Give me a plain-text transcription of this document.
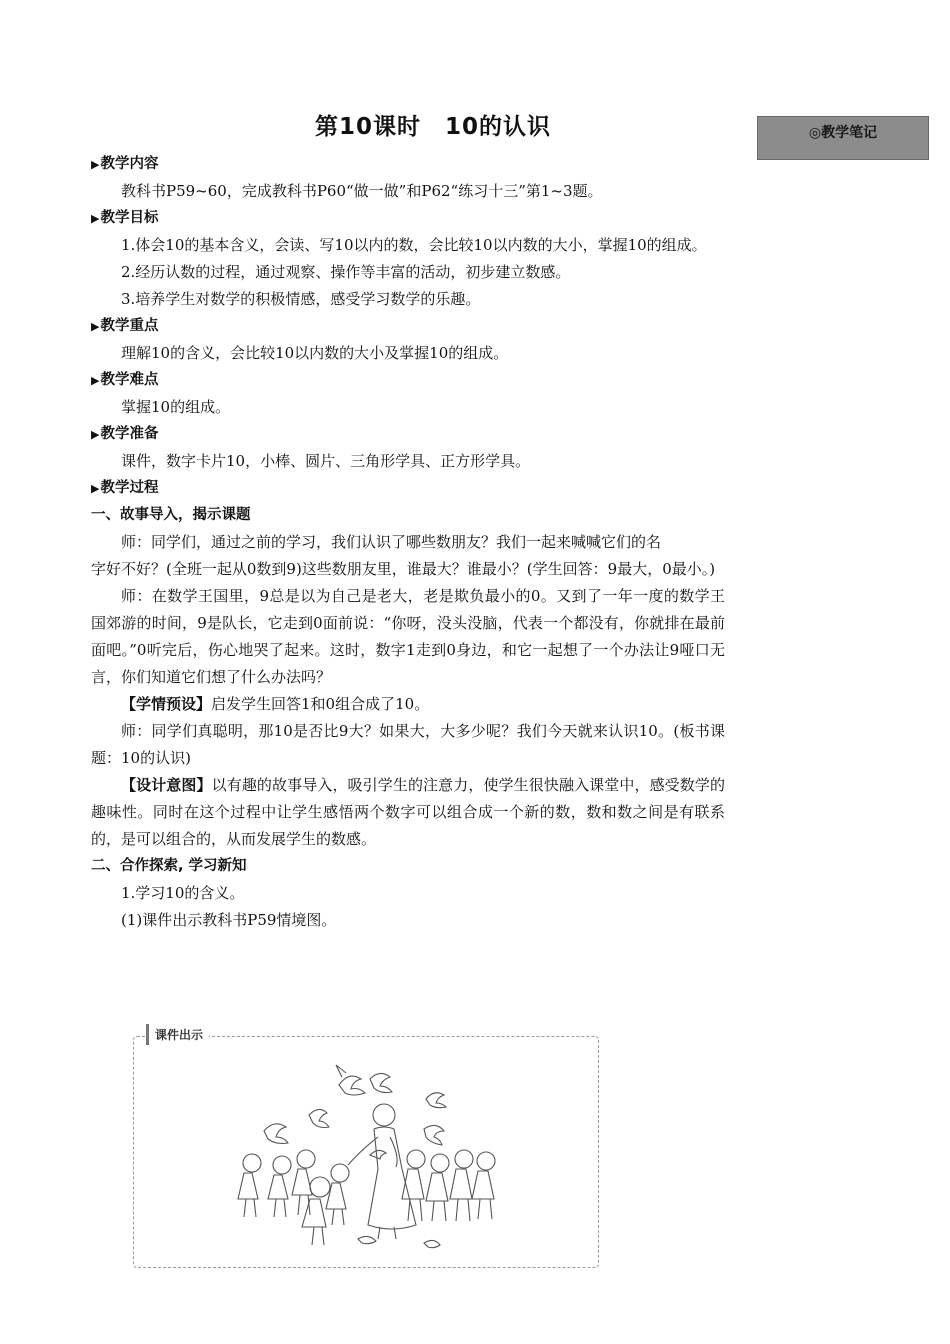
第10课时　10的认识	◎教学笔记

▶教学内容

教科书P59~60，完成教科书P60“做一做”和P62“练习十三”第1~3题。

▶教学目标

1.体会10的基本含义，会读、写10以内的数，会比较10以内数的大小，掌握10的组成。

2.经历认数的过程，通过观察、操作等丰富的活动，初步建立数感。

3.培养学生对数学的积极情感，感受学习数学的乐趣。

▶教学重点

理解10的含义，会比较10以内数的大小及掌握10的组成。

▶教学难点

掌握10的组成。

▶教学准备

课件，数字卡片10，小棒、圆片、三角形学具、正方形学具。

▶教学过程

一、故事导入，揭示课题

师：同学们，通过之前的学习，我们认识了哪些数朋友？我们一起来喊喊它们的名

字好不好？(全班一起从0数到9)这些数朋友里，谁最大？谁最小？(学生回答：9最大，0最小。)

师：在数学王国里，9总是以为自己是老大，老是欺负最小的0。又到了一年一度的数学王国郊游的时间，9是队长，它走到0面前说：“你呀，没头没脑，代表一个都没有，你就排在最前面吧。”0听完后，伤心地哭了起来。这时，数字1走到0身边，和它一起想了一个办法让9哑口无言，你们知道它们想了什么办法吗？

【学情预设】启发学生回答1和0组合成了10。

师：同学们真聪明，那10是否比9大？如果大，大多少呢？我们今天就来认识10。(板书课题：10的认识)

【设计意图】以有趣的故事导入，吸引学生的注意力，使学生很快融入课堂中，感受数学的趣味性。同时在这个过程中让学生感悟两个数字可以组合成一个新的数，数和数之间是有联系的，是可以组合的，从而发展学生的数感。

二、合作探索, 学习新知

1.学习10的含义。

(1)课件出示教科书P59情境图。

课件出示
